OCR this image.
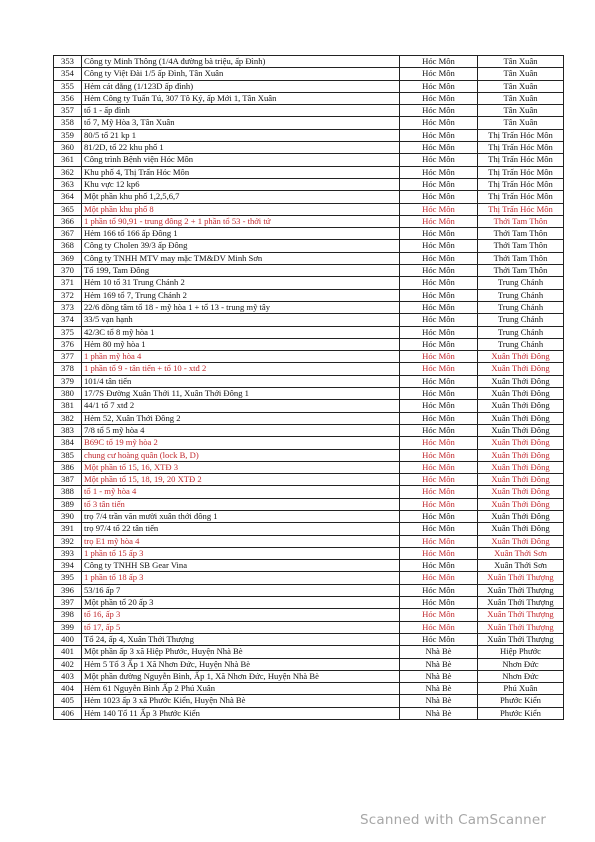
353	Công ty Minh Thông (1/4A đường bà triệu, ấp Đình)	Hóc Môn	Tân Xuân
354	Công ty Việt Đài 1/5 ấp Đình, Tân Xuân	Hóc Môn	Tân Xuân
355	Hẻm cát đằng (1/123D ấp đình)	Hóc Môn	Tân Xuân
356	Hẻm Công ty Tuấn Tú, 307 Tô Ký, ấp Mới 1, Tân Xuân	Hóc Môn	Tân Xuân
357	tổ 1 - ấp đình	Hóc Môn	Tân Xuân
358	tổ 7, Mỹ Hòa 3, Tân Xuân	Hóc Môn	Tân Xuân
359	80/5 tổ 21 kp 1	Hóc Môn	Thị Trấn Hóc Môn
360	81/2D, tổ 22 khu phố 1	Hóc Môn	Thị Trấn Hóc Môn
361	Công trình Bệnh viện Hóc Môn	Hóc Môn	Thị Trấn Hóc Môn
362	Khu phố 4, Thị Trấn Hóc Môn	Hóc Môn	Thị Trấn Hóc Môn
363	Khu vực 12 kp6	Hóc Môn	Thị Trấn Hóc Môn
364	Một phần khu phố 1,2,5,6,7	Hóc Môn	Thị Trấn Hóc Môn
365	Một phần khu phố 8	Hóc Môn	Thị Trấn Hóc Môn
366	1 phần tổ 90,91 - trung đông 2 + 1 phần tổ 53 - thới tứ	Hóc Môn	Thới Tam Thôn
367	Hẻm 166 tổ 166 ấp Đông 1	Hóc Môn	Thới Tam Thôn
368	Công ty Cholen 39/3 ấp Đông	Hóc Môn	Thới Tam Thôn
369	Công ty TNHH MTV may mặc TM&DV Minh Sơn	Hóc Môn	Thới Tam Thôn
370	Tổ 199, Tam Đông	Hóc Môn	Thới Tam Thôn
371	Hẻm 10 tổ 31 Trung Chánh 2	Hóc Môn	Trung Chánh
372	Hẻm 169 tổ 7, Trung Chánh 2	Hóc Môn	Trung Chánh
373	22/6 đồng tâm tổ 18 - mỹ hòa 1 + tổ 13 - trung mỹ tây	Hóc Môn	Trung Chánh
374	33/5 vạn hạnh	Hóc Môn	Trung Chánh
375	42/3C tổ 8 mỹ hòa 1	Hóc Môn	Trung Chánh
376	Hẻm 80 mỹ hòa 1	Hóc Môn	Trung Chánh
377	1 phần mỹ hòa 4	Hóc Môn	Xuân Thới Đông
378	1 phần tổ 9 - tân tiến + tổ 10 - xtđ 2	Hóc Môn	Xuân Thới Đông
379	101/4 tân tiến	Hóc Môn	Xuân Thới Đông
380	17/7S Đường Xuân Thới 11, Xuân Thới Đông 1	Hóc Môn	Xuân Thới Đông
381	44/1 tổ 7 xtđ 2	Hóc Môn	Xuân Thới Đông
382	Hẻm 52, Xuân Thới Đông 2	Hóc Môn	Xuân Thới Đông
383	7/8 tổ 5 mỹ hòa 4	Hóc Môn	Xuân Thới Đông
384	B69C tổ 19 mỹ hòa 2	Hóc Môn	Xuân Thới Đông
385	chung cư hoàng quân (lock B, D)	Hóc Môn	Xuân Thới Đông
386	Một phần tổ 15, 16, XTĐ 3	Hóc Môn	Xuân Thới Đông
387	Một phần tổ 15, 18, 19, 20 XTĐ 2	Hóc Môn	Xuân Thới Đông
388	tổ 1 - mỹ hòa 4	Hóc Môn	Xuân Thới Đông
389	tổ 3 tân tiến	Hóc Môn	Xuân Thới Đông
390	trọ 7/4 trần văn mười xuân thới đông 1	Hóc Môn	Xuân Thới Đông
391	trọ 97/4 tổ 22 tân tiến	Hóc Môn	Xuân Thới Đông
392	trọ E1 mỹ hòa 4	Hóc Môn	Xuân Thới Đông
393	1 phần tổ 15 ấp 3	Hóc Môn	Xuân Thới Sơn
394	Công ty TNHH SB Gear Vina	Hóc Môn	Xuân Thới Sơn
395	1 phần tổ 18 ấp 3	Hóc Môn	Xuân Thới Thượng
396	53/16 ấp 7	Hóc Môn	Xuân Thới Thượng
397	Một phần tổ 20 ấp 3	Hóc Môn	Xuân Thới Thượng
398	tổ 16, ấp 3	Hóc Môn	Xuân Thới Thượng
399	tổ 17, ấp 5	Hóc Môn	Xuân Thới Thượng
400	Tổ 24, ấp 4, Xuân Thới Thượng	Hóc Môn	Xuân Thới Thượng
401	Một phần ấp 3 xã Hiệp Phước, Huyện Nhà Bè	Nhà Bè	Hiệp Phước
402	Hẻm 5 Tổ 3 Ấp 1 Xã Nhơn Đức, Huyện Nhà Bè	Nhà Bè	Nhơn Đức
403	Một phần đường Nguyễn Bình, Ấp 1, Xã Nhơn Đức, Huyện Nhà Bè	Nhà Bè	Nhơn Đức
404	Hẻm 61 Nguyễn Bình Ấp 2 Phú Xuân	Nhà Bè	Phú Xuân
405	Hẻm 1023 ấp 3 xã Phước Kiển, Huyện Nhà Bè	Nhà Bè	Phước Kiển
406	Hẻm 140 Tổ 11 Ấp 3 Phước Kiển	Nhà Bè	Phước Kiển
Scanned with CamScanner
